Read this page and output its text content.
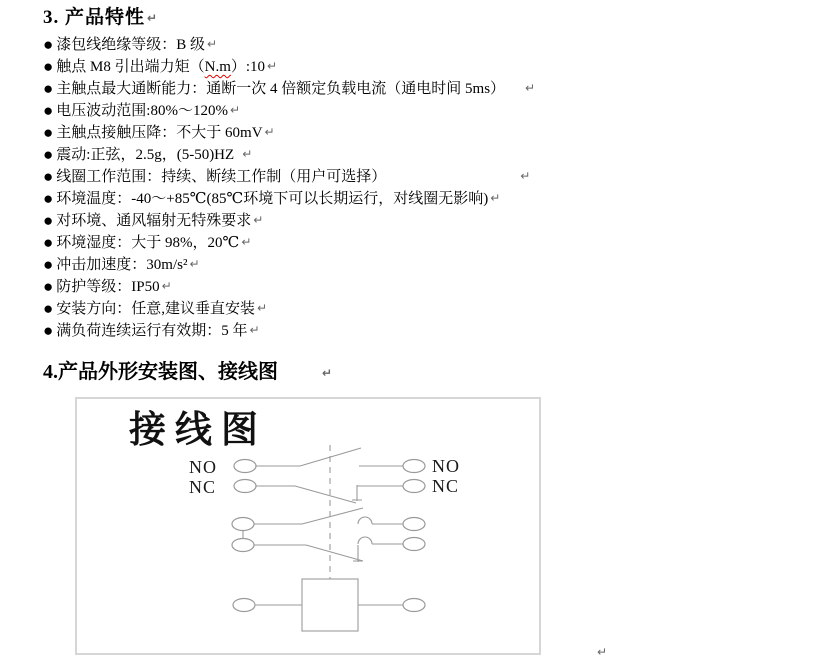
3. 产品特性 ↵
● 漆包线绝缘等级：B 级 ↵
● 触点 M8 引出端力矩（N.m）:10 ↵
● 主触点最大通断能力：通断一次 4 倍额定负载电流（通电时间 5ms） ↵
● 电压波动范围:80%～120% ↵
● 主触点接触压降：不大于 60mV ↵
● 震动:正弦，2.5g，(5-50)HZ ↵
● 线圈工作范围：持续、断续工作制（用户可选择）	↵
● 环境温度：-40～+85℃(85℃环境下可以长期运行，对线圈无影响) ↵
● 对环境、通风辐射无特殊要求 ↵
● 环境湿度：大于 98%，20℃ ↵
● 冲击加速度：30m/s² ↵
● 防护等级：IP50 ↵
● 安装方向：任意,建议垂直安装 ↵
● 满负荷连续运行有效期：5 年 ↵
4.产品外形安装图、接线图	↵
接线图
NO
NC
NO
NC
↵
